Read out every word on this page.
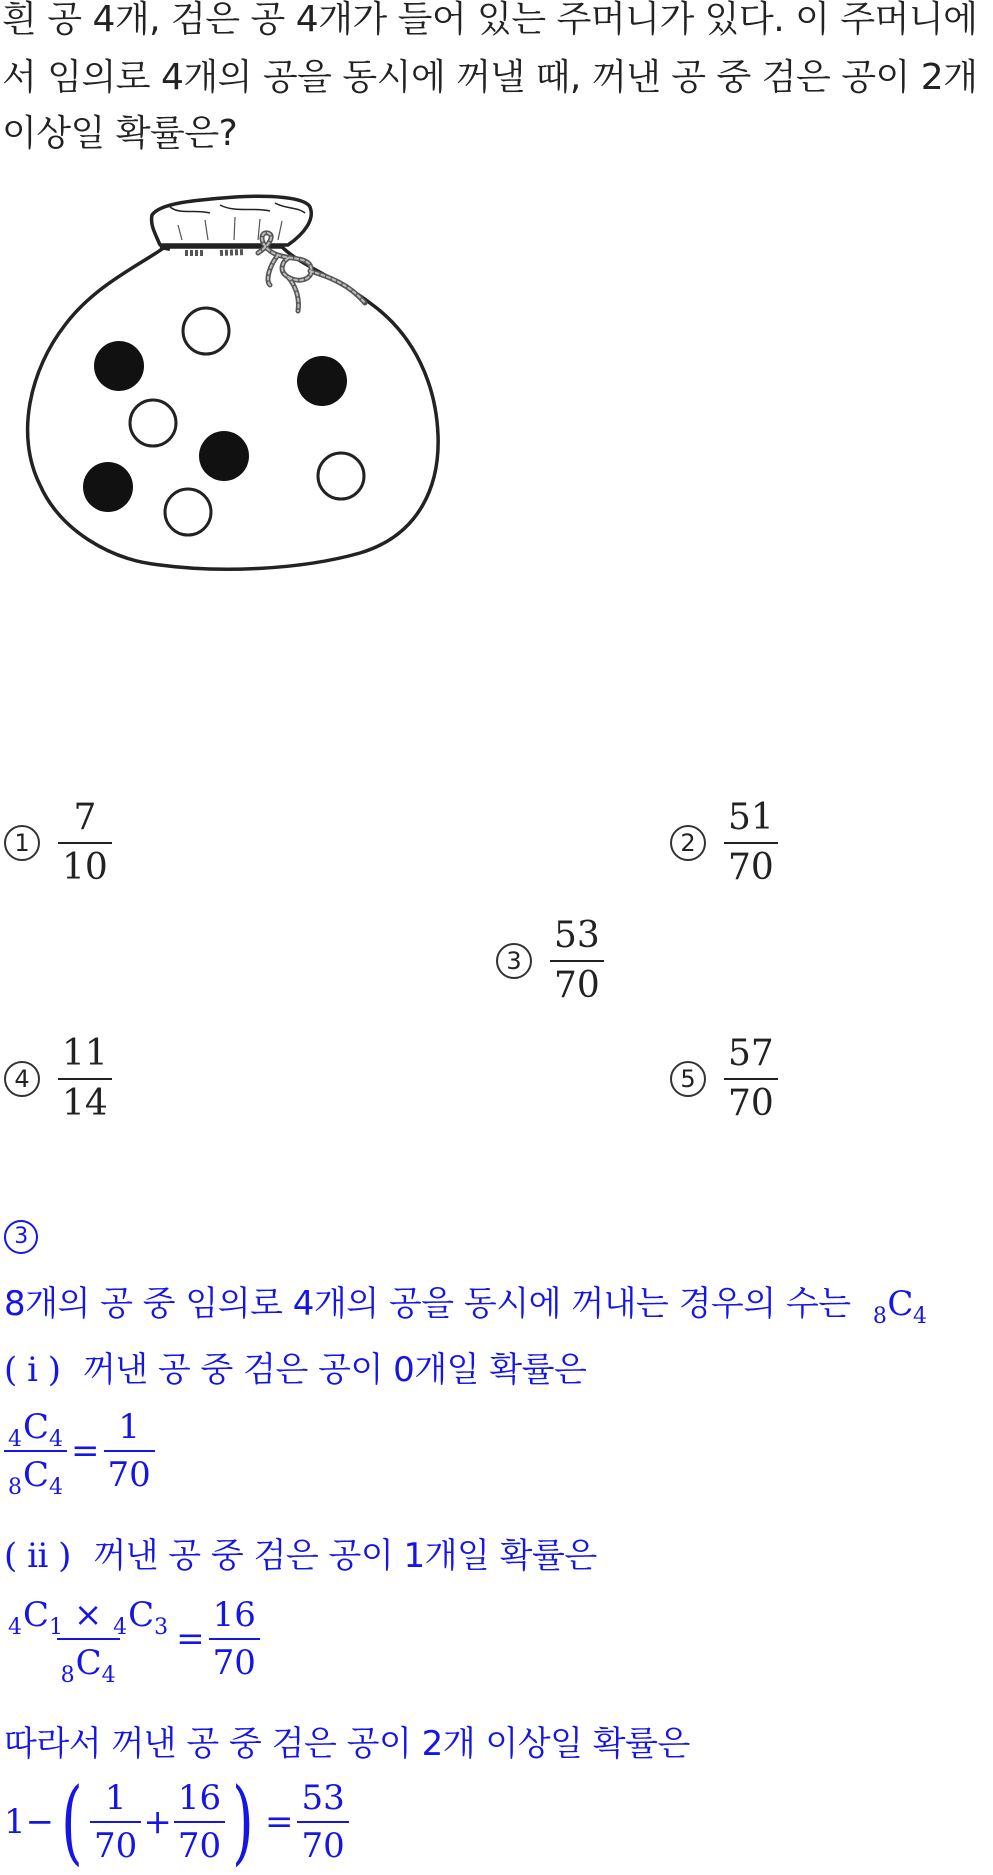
흰 공 4개, 검은 공 4개가 들어 있는 주머니가 있다. 이 주머니에
서 임의로 4개의 공을 동시에 꺼낼 때, 꺼낸 공 중 검은 공이 2개
이상일 확률은?
$1 \frac{7}{10}$	$2 \frac{51}{70}$
$3 \frac{53}{70}$
$4 \frac{11}{14}$	$5 \frac{57}{70}$
3
8개의 공 중 임의로 4개의 공을 동시에 꺼내는 경우의 수는 $_8C_4$
( i ) 꺼낸 공 중 검은 공이 0개일 확률은
$\frac{_4C_4}{_8C_4} = \frac{1}{70}$
( ii ) 꺼낸 공 중 검은 공이 1개일 확률은
$\frac{_4C_1 \times _4C_3}{_8C_4} = \frac{16}{70}$
따라서 꺼낸 공 중 검은 공이 2개 이상일 확률은
1 − ( $\frac{1}{70} + \frac{16}{70}$ ) = $\frac{53}{70}$
